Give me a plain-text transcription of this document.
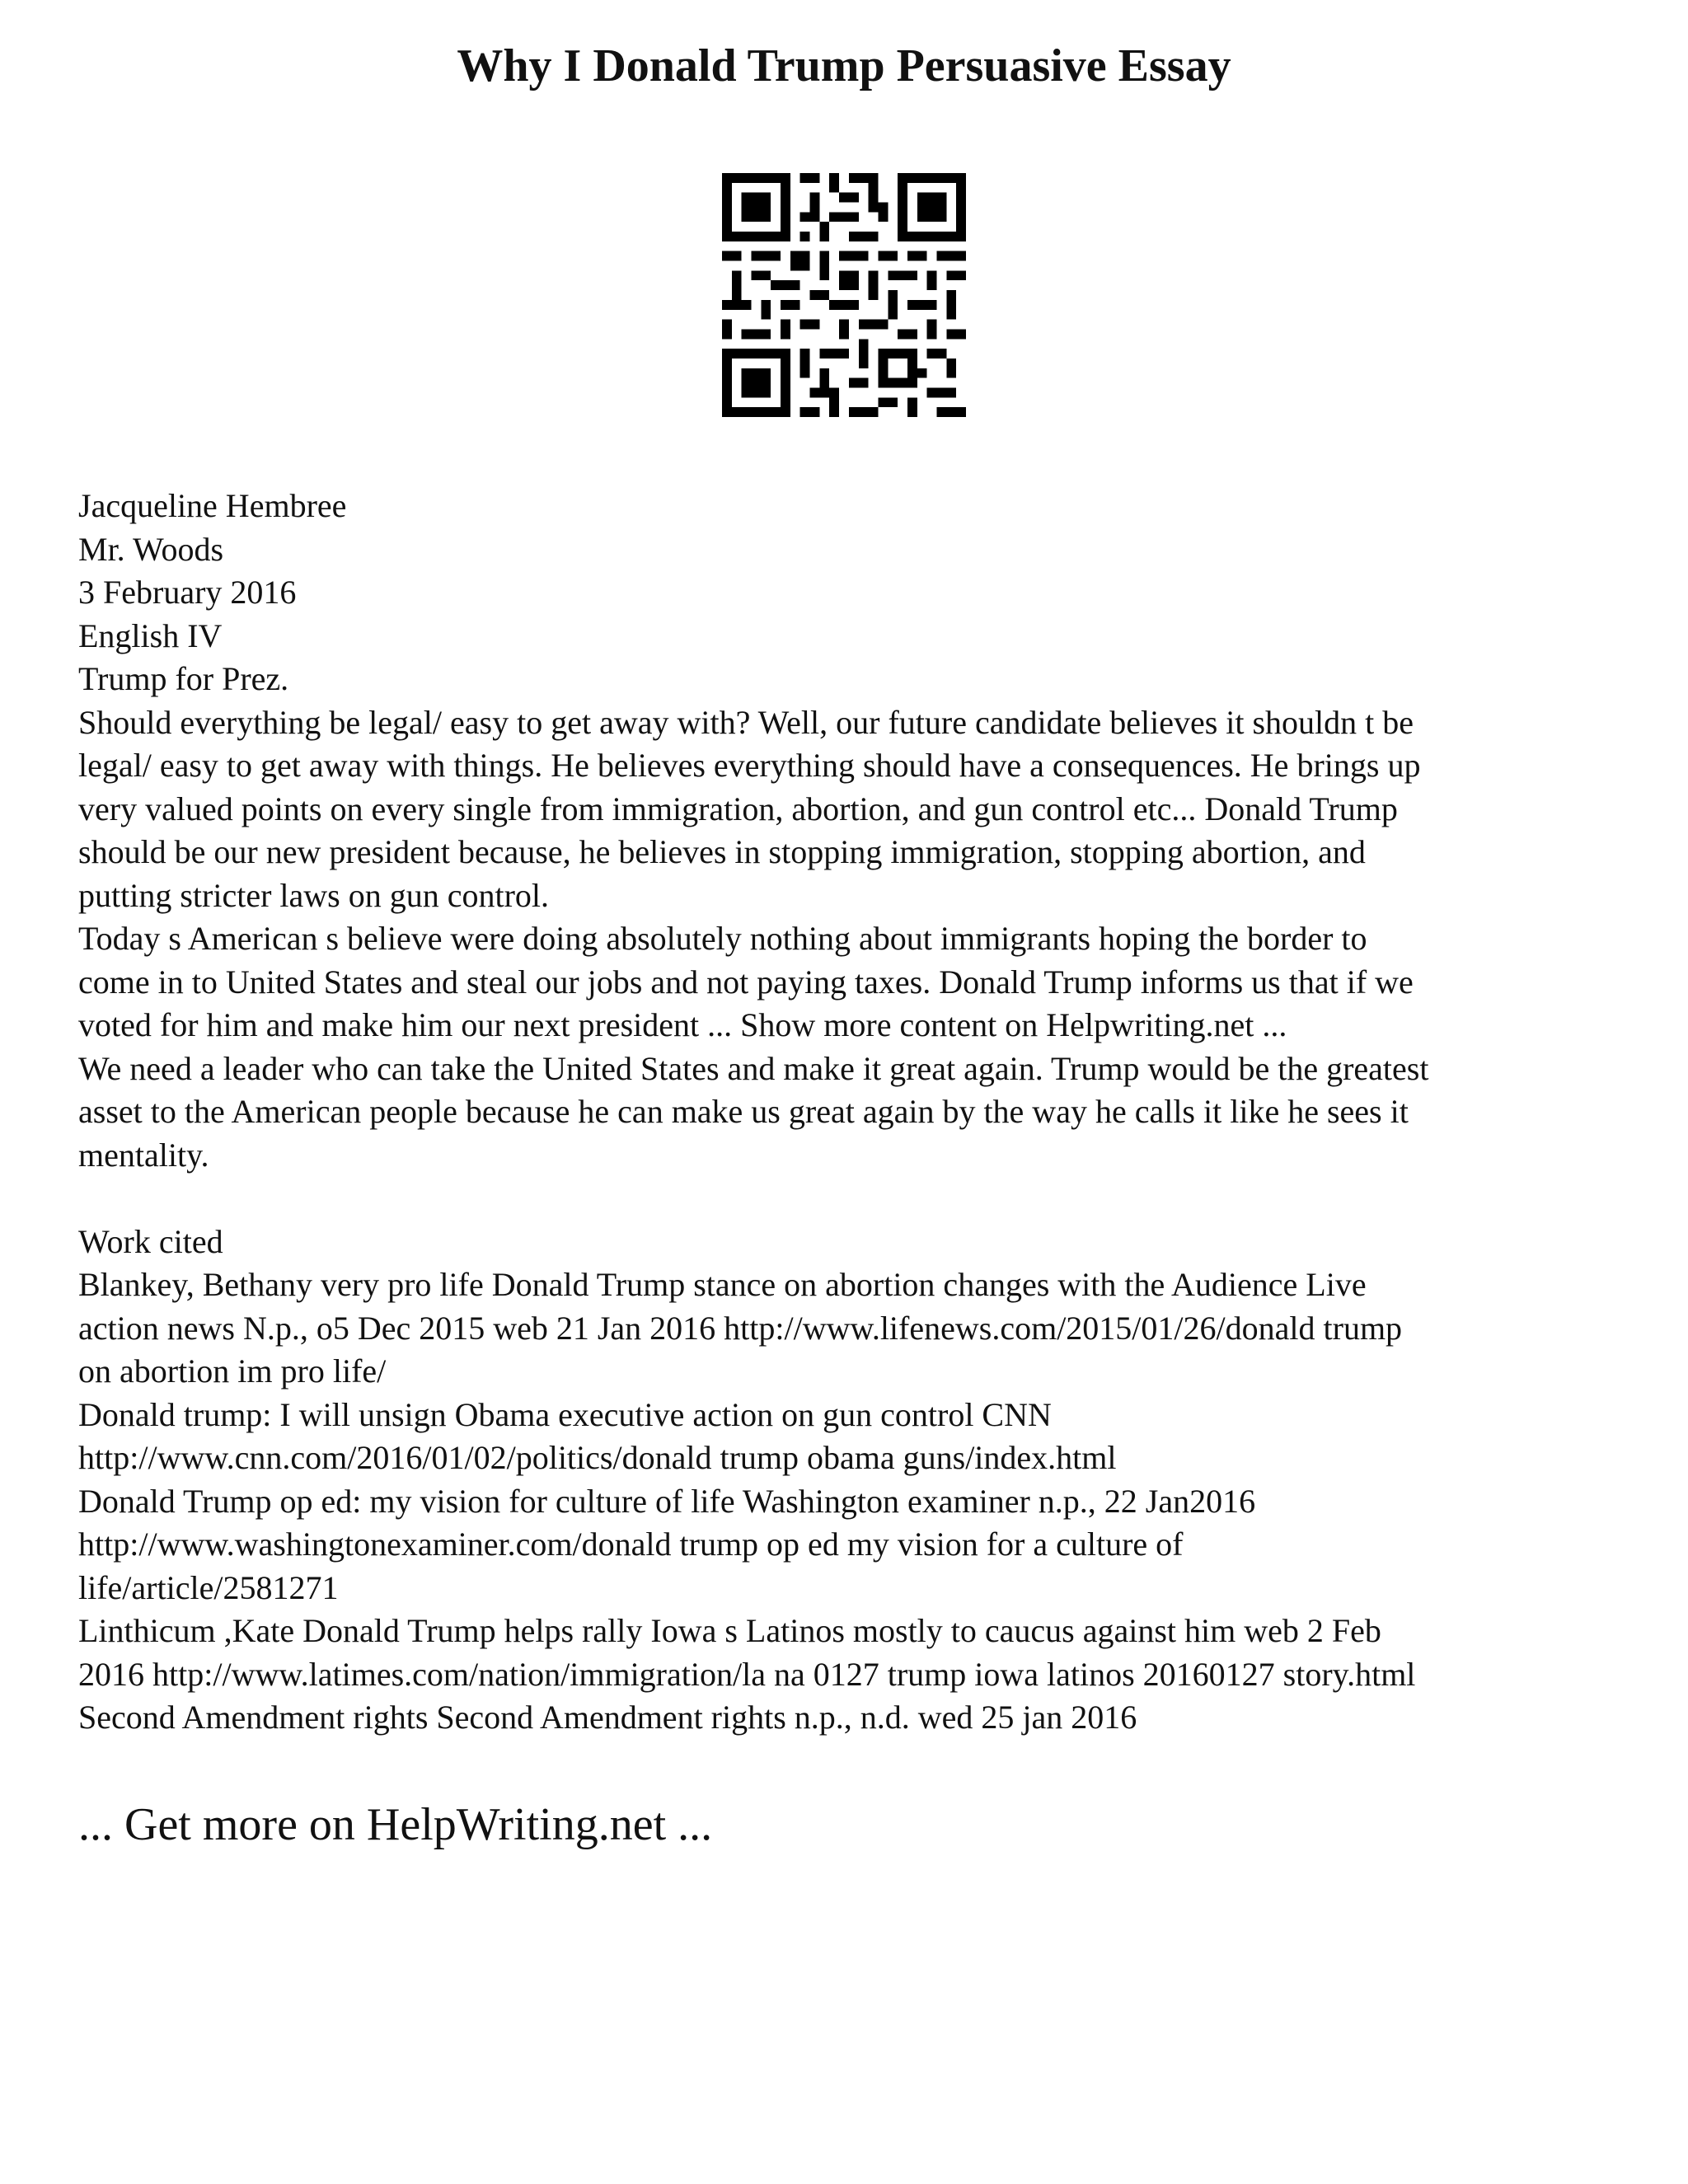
Why I Donald Trump Persuasive Essay
Jacqueline Hembree
Mr. Woods
3 February 2016
English IV
Trump for Prez.
Should everything be legal/ easy to get away with? Well, our future candidate believes it shouldn t be
legal/ easy to get away with things. He believes everything should have a consequences. He brings up
very valued points on every single from immigration, abortion, and gun control etc... Donald Trump
should be our new president because, he believes in stopping immigration, stopping abortion, and
putting stricter laws on gun control.
Today s American s believe were doing absolutely nothing about immigrants hoping the border to
come in to United States and steal our jobs and not paying taxes. Donald Trump informs us that if we
voted for him and make him our next president ... Show more content on Helpwriting.net ...
We need a leader who can take the United States and make it great again. Trump would be the greatest
asset to the American people because he can make us great again by the way he calls it like he sees it
mentality.
Work cited
Blankey, Bethany very pro life Donald Trump stance on abortion changes with the Audience Live
action news N.p., o5 Dec 2015 web 21 Jan 2016 http://www.lifenews.com/2015/01/26/donald trump
on abortion im pro life/
Donald trump: I will unsign Obama executive action on gun control CNN
http://www.cnn.com/2016/01/02/politics/donald trump obama guns/index.html
Donald Trump op ed: my vision for culture of life Washington examiner n.p., 22 Jan2016
http://www.washingtonexaminer.com/donald trump op ed my vision for a culture of
life/article/2581271
Linthicum ,Kate Donald Trump helps rally Iowa s Latinos mostly to caucus against him web 2 Feb
2016 http://www.latimes.com/nation/immigration/la na 0127 trump iowa latinos 20160127 story.html
Second Amendment rights Second Amendment rights n.p., n.d. wed 25 jan 2016
... Get more on HelpWriting.net ...
